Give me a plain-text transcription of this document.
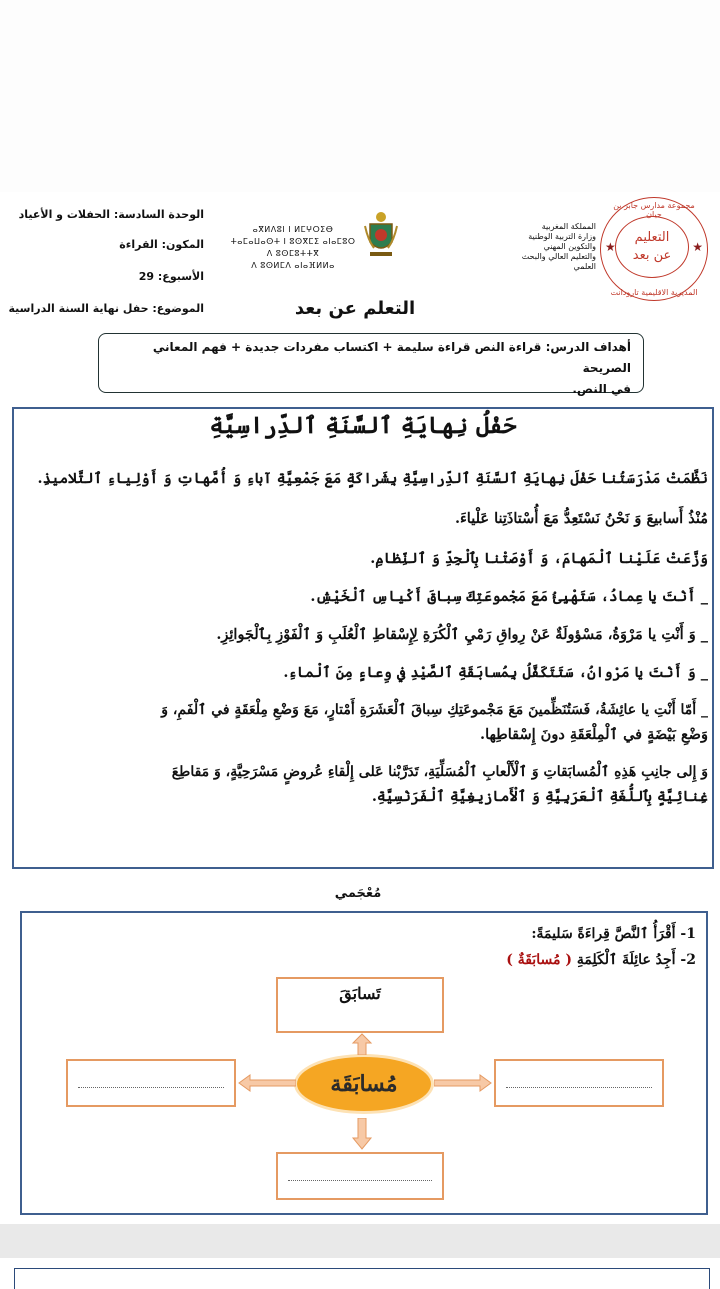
الوحدة السادسة: الحفلات و الأعياد
المكون: القراءة
الأسبوع: 29
الموضوع: حفل نهاية السنة الدراسية
ⴰⴳⵍⴷⵓⵏ ⵏ ⵍⵎⵖⵔⵉⴱ
ⵜⴰⵎⴰⵡⴰⵙⵜ ⵏ ⵓⵙⴳⵎⵉ ⴰⵏⴰⵎⵓⵔ
ⴷ ⵓⵙⵎⵓⵜⵜⴳ
ⴷ ⵓⵙⵍⵎⴷ ⴰⵏⴰⴼⵍⵍⴰ
المملكة المغربية
وزارة التربية الوطنية
والتكوين المهني
والتعليم العالي والبحث العلمي
مجموعة مدارس جابر بن حيان
★	★
التعليم
عن بعد
المديرية الاقليمية تارودانت
التعلم عن بعد
أهداف الدرس: قراءة النص قراءة سليمة + اكتساب مفردات جديدة + فهم المعاني الصريحة
في النص.
حَفْلُ نِهايَةِ ٱلسَّنَةِ ٱلدِّراسِيَّةِ

نَظَّمَتْ مَدْرَسَتُنا حَفْلَ نِهايَةِ ٱلسَّنَةِ ٱلدِّراسِيَّةِ بِشَراكَةٍ مَعَ جَمْعِيَّةِ آباءِ وَ أُمَّهاتِ وَ أَوْلِياءِ ٱلتَّلاميذِ.

مُنْذُ أَسابيعَ وَ نَحْنُ نَسْتَعِدُّ مَعَ أُسْتاذَتِنا عَلْياءَ.

وَزَّعَتْ عَلَيْنا ٱلْمَهامَ، وَ أَوْصَتْنا بِٱلْجِدِّ وَ ٱلنِّظامِ.

_ أَنْتَ يا عِمادُ، سَتَهْيِئُ مَعَ مَجْموعَتِكَ سِباقَ أَكْياسِ ٱلْخَيْشِ.

_ وَ أَنْتِ يا مَرْوَةُ، مَسْؤولَةٌ عَنْ رِواقِ رَمْيِ ٱلْكُرَةِ لِإِسْقاطِ ٱلْعُلَبِ وَ ٱلْفَوْزِ بِٱلْجَوائِزِ.

_ وَ أَنْتَ يا مَرْوانُ، سَتَتَكَفَّلُ بِمُسابَقَةِ ٱلصَّيْدِ في وِعاءٍ مِنَ ٱلْماءِ.

_ أَمّا أَنْتِ يا عائِشَةُ، فَسَتُنَظِّمينَ مَعَ مَجْموعَتِكِ سِباقَ ٱلْعَشَرَةِ أَمْتارٍ، مَعَ وَضْعِ مِلْعَقَةٍ في ٱلْفَمِ، وَ

وَضْعِ بَيْضَةٍ في ٱلْمِلْعَقَةِ دونَ إِسْقاطِها.

وَ إِلى جانِبِ هَذِهِ ٱلْمُسابَقاتِ وَ ٱلْأَلْعابِ ٱلْمُسَلِّيَةِ، تَدَرَّبْنا عَلى إِلْقاءِ عُروضٍ مَسْرَحِيَّةٍ، وَ مَقاطِعَ

غِنائِيَّةٍ بِٱللُّغَةِ ٱلْعَرَبِيَّةِ وَ ٱلْأَمازيغِيَّةِ ٱلْفَرَنْسِيَّةِ.

مُعْجَمي
1- أَقْرَأُ ٱلنَّصَّ قِراءَةً سَليمَةً:
2- أَجِدُ عائِلَةَ ٱلْكَلِمَةِ ( مُسابَقَةٌ )
تَسابَقَ
مُسابَقَة
